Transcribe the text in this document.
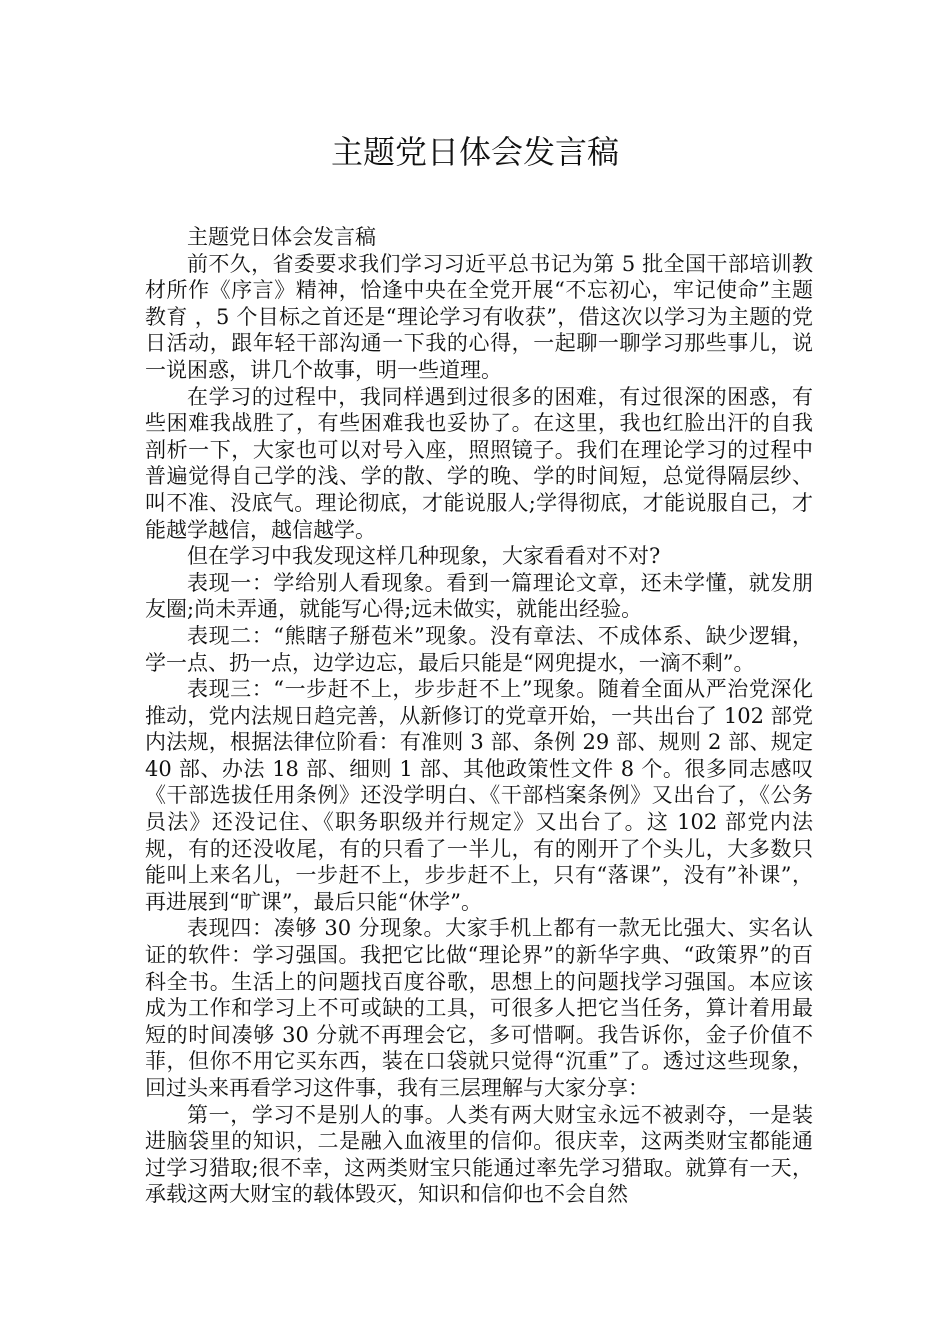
主题党日体会发言稿

主题党日体会发言稿

前不久，省委要求我们学习习近平总书记为第 5 批全国干部培训教材所作《序言》精神，恰逢中央在全党开展“不忘初心，牢记使命”主题教育 ，5 个目标之首还是“理论学习有收获”，借这次以学习为主题的党日活动，跟年轻干部沟通一下我的心得，一起聊一聊学习那些事儿，说一说困惑，讲几个故事，明一些道理。

在学习的过程中，我同样遇到过很多的困难，有过很深的困惑，有些困难我战胜了，有些困难我也妥协了。在这里，我也红脸出汗的自我剖析一下，大家也可以对号入座，照照镜子。我们在理论学习的过程中普遍觉得自己学的浅、学的散、学的晚、学的时间短，总觉得隔层纱、叫不准、没底气。理论彻底，才能说服人;学得彻底，才能说服自己，才能越学越信，越信越学。

但在学习中我发现这样几种现象，大家看看对不对?

表现一：学给别人看现象。看到一篇理论文章，还未学懂，就发朋友圈;尚未弄通，就能写心得;远未做实，就能出经验。

表现二：“熊瞎子掰苞米”现象。没有章法、不成体系、缺少逻辑，学一点、扔一点，边学边忘，最后只能是“网兜提水，一滴不剩”。

表现三：“一步赶不上，步步赶不上”现象。随着全面从严治党深化推动，党内法规日趋完善，从新修订的党章开始，一共出台了 102 部党内法规，根据法律位阶看：有准则 3 部、条例 29 部、规则 2 部、规定 40 部、办法 18 部、细则 1 部、其他政策性文件 8 个。很多同志感叹《干部选拔任用条例》还没学明白、《干部档案条例》又出台了，《公务员法》还没记住、《职务职级并行规定》又出台了。这 102 部党内法规，有的还没收尾，有的只看了一半儿，有的刚开了个头儿，大多数只能叫上来名儿，一步赶不上，步步赶不上，只有“落课”，没有”补课”，再进展到“旷课”，最后只能“休学”。

表现四：凑够 30 分现象。大家手机上都有一款无比强大、实名认证的软件：学习强国。我把它比做“理论界”的新华字典、“政策界”的百科全书。生活上的问题找百度谷歌，思想上的问题找学习强国。本应该成为工作和学习上不可或缺的工具，可很多人把它当任务，算计着用最短的时间凑够 30 分就不再理会它，多可惜啊。我告诉你，金子价值不菲，但你不用它买东西，装在口袋就只觉得“沉重”了。透过这些现象，回过头来再看学习这件事，我有三层理解与大家分享：

第一，学习不是别人的事。人类有两大财宝永远不被剥夺，一是装进脑袋里的知识，二是融入血液里的信仰。很庆幸，这两类财宝都能通过学习猎取;很不幸，这两类财宝只能通过率先学习猎取。就算有一天，承载这两大财宝的载体毁灭，知识和信仰也不会自然
